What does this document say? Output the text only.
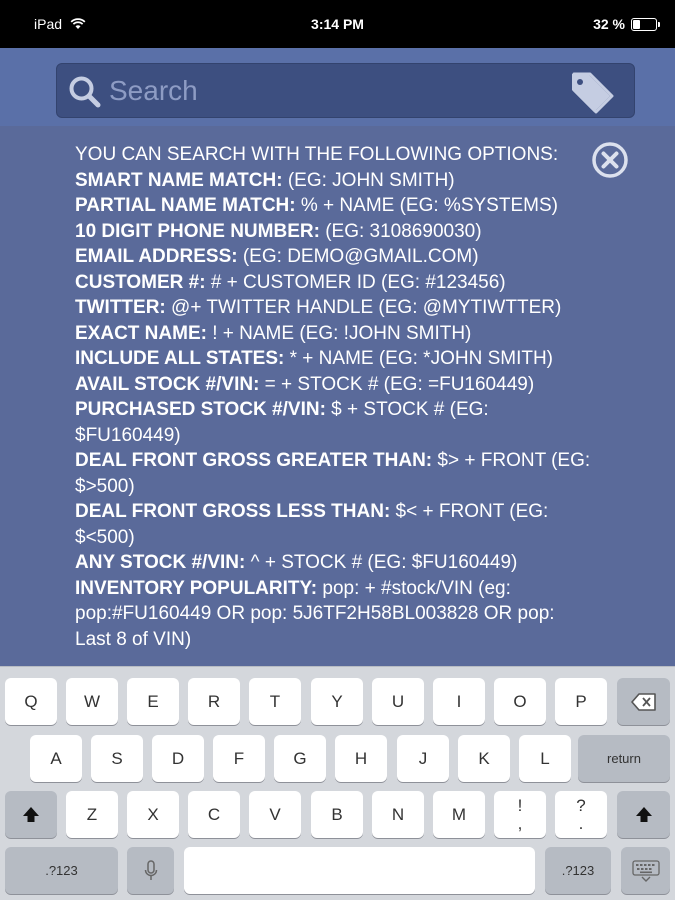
iPad	3:14 PM	32 %
Search
YOU CAN SEARCH WITH THE FOLLOWING OPTIONS:
SMART NAME MATCH: (EG: JOHN SMITH)
PARTIAL NAME MATCH: % + NAME (EG: %SYSTEMS)
10 DIGIT PHONE NUMBER: (EG: 3108690030)
EMAIL ADDRESS: (EG: DEMO@GMAIL.COM)
CUSTOMER #: # + CUSTOMER ID (EG: #123456)
TWITTER: @+ TWITTER HANDLE (EG: @MYTIWTTER)
EXACT NAME: ! + NAME (EG: !JOHN SMITH)
INCLUDE ALL STATES: * + NAME (EG: *JOHN SMITH)
AVAIL STOCK #/VIN: = + STOCK # (EG: =FU160449)
PURCHASED STOCK #/VIN: $ + STOCK # (EG: $FU160449)
DEAL FRONT GROSS GREATER THAN: $> + FRONT (EG: $>500)
DEAL FRONT GROSS LESS THAN: $< + FRONT (EG: $<500)
ANY STOCK #/VIN: ^ + STOCK # (EG: $FU160449)
INVENTORY POPULARITY: pop: + #stock/VIN (eg: pop:#FU160449 OR pop: 5J6TF2H58BL003828 OR pop: Last 8 of VIN)
Q	W	E	R	T	Y	U	I	O	P
A	S	D	F	G	H	J	K	L	return
Z	X	C	V	B	N	M	!
,
?
.
.?123	.?123
